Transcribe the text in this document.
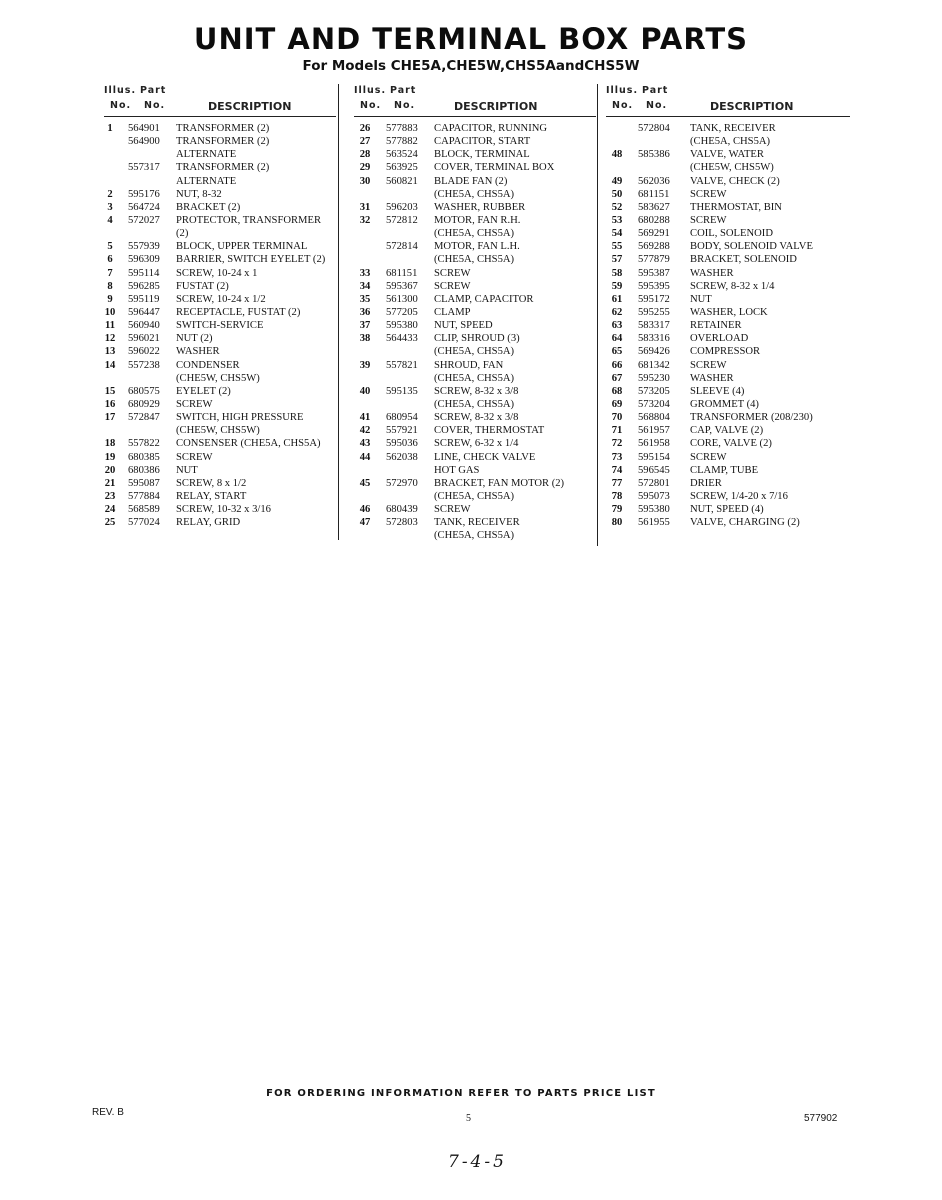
UNIT AND TERMINAL BOX PARTS
For Models CHE5A,CHE5W,CHS5AandCHS5W
Illus. Part
No. No.	DESCRIPTION
1	564901 TRANSFORMER (2)
564900 TRANSFORMER (2)
ALTERNATE
557317 TRANSFORMER (2)
ALTERNATE
2	595176 NUT, 8-32
3	564724 BRACKET (2)
4	572027 PROTECTOR, TRANSFORMER
(2)
5	557939 BLOCK, UPPER TERMINAL
6	596309 BARRIER, SWITCH EYELET (2)
7	595114 SCREW, 10-24 x 1
8	596285 FUSTAT (2)
9	595119 SCREW, 10-24 x 1/2
10 596447 RECEPTACLE, FUSTAT (2)
11 560940 SWITCH-SERVICE
12 596021 NUT (2)
13 596022 WASHER
14 557238 CONDENSER
(CHE5W, CHS5W)
15 680575 EYELET (2)
16 680929 SCREW
17 572847 SWITCH, HIGH PRESSURE
(CHE5W, CHS5W)
18 557822 CONSENSER (CHE5A, CHS5A)
19 680385 SCREW
20 680386 NUT
21 595087 SCREW, 8 x 1/2
23 577884 RELAY, START
24 568589 SCREW, 10-32 x 3/16
25 577024 RELAY, GRID
Illus. Part
No. No.	DESCRIPTION
26	577883 CAPACITOR, RUNNING
27	577882 CAPACITOR, START
28	563524 BLOCK, TERMINAL
29	563925 COVER, TERMINAL BOX
30	560821 BLADE FAN (2)
(CHE5A, CHS5A)
31	596203 WASHER, RUBBER
32	572812 MOTOR, FAN R.H.
(CHE5A, CHS5A)
572814 MOTOR, FAN L.H.
(CHE5A, CHS5A)
33	681151 SCREW
34	595367 SCREW
35	561300 CLAMP, CAPACITOR
36	577205 CLAMP
37	595380 NUT, SPEED
38	564433 CLIP, SHROUD (3)
(CHE5A, CHS5A)
39	557821 SHROUD, FAN
(CHE5A, CHS5A)
40	595135 SCREW, 8-32 x 3/8
(CHE5A, CHS5A)
41	680954 SCREW, 8-32 x 3/8
42	557921 COVER, THERMOSTAT
43	595036 SCREW, 6-32 x 1/4
44	562038 LINE, CHECK VALVE
HOT GAS
45	572970 BRACKET, FAN MOTOR (2)
(CHE5A, CHS5A)
46	680439 SCREW
47	572803 TANK, RECEIVER
(CHE5A, CHS5A)
Illus. Part
No. No.	DESCRIPTION
572804 TANK, RECEIVER
(CHE5A, CHS5A)
48	585386 VALVE, WATER
(CHE5W, CHS5W)
49	562036 VALVE, CHECK (2)
50	681151 SCREW
52	583627 THERMOSTAT, BIN
53	680288 SCREW
54	569291 COIL, SOLENOID
55	569288 BODY, SOLENOID VALVE
57	577879 BRACKET, SOLENOID
58	595387 WASHER
59	595395 SCREW, 8-32 x 1/4
61	595172 NUT
62	595255 WASHER, LOCK
63	583317 RETAINER
64	583316 OVERLOAD
65	569426 COMPRESSOR
66	681342 SCREW
67	595230 WASHER
68	573205 SLEEVE (4)
69	573204 GROMMET (4)
70	568804 TRANSFORMER (208/230)
71	561957 CAP, VALVE (2)
72	561958 CORE, VALVE (2)
73	595154 SCREW
74	596545 CLAMP, TUBE
77	572801 DRIER
78	595073 SCREW, 1/4-20 x 7/16
79	595380 NUT, SPEED (4)
80	561955 VALVE, CHARGING (2)
FOR ORDERING INFORMATION REFER TO PARTS PRICE LIST
REV. B
5	577902
7-4-5
